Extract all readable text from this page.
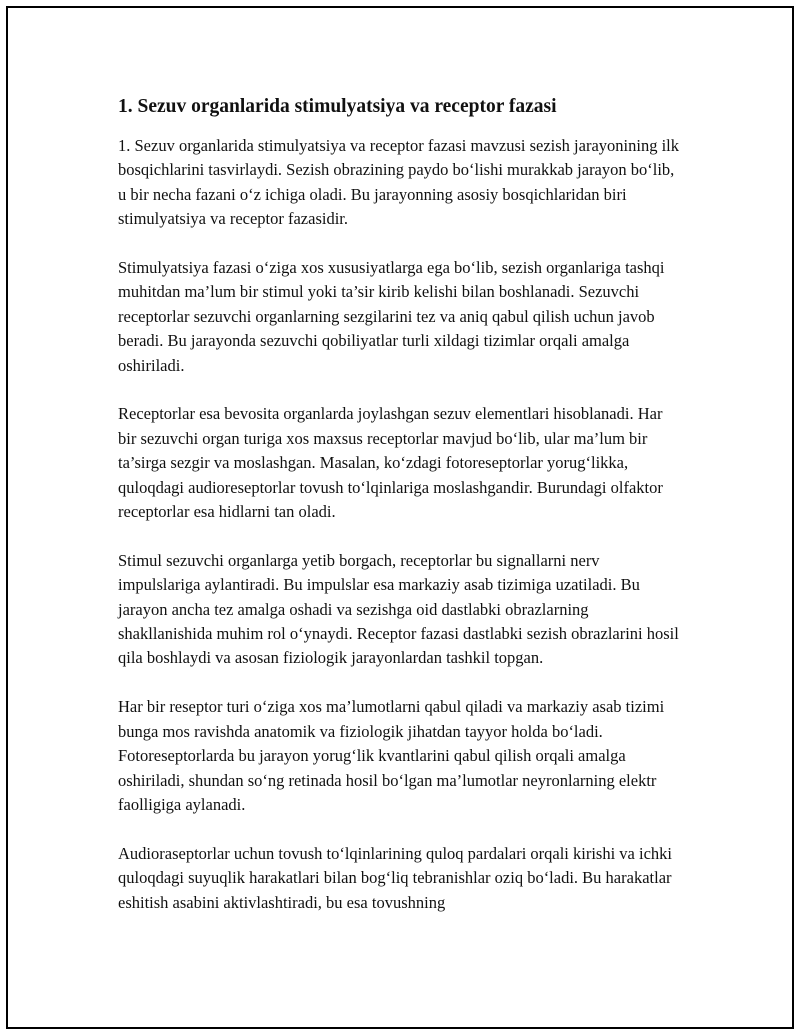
1. Sezuv organlarida stimulyatsiya va receptor fazasi

1. Sezuv organlarida stimulyatsiya va receptor fazasi mavzusi sezish jarayonining ilk bosqichlarini tasvirlaydi. Sezish obrazining paydo bo‘lishi murakkab jarayon bo‘lib, u bir necha fazani o‘z ichiga oladi. Bu jarayonning asosiy bosqichlaridan biri stimulyatsiya va receptor fazasidir.

Stimulyatsiya fazasi o‘ziga xos xususiyatlarga ega bo‘lib, sezish organlariga tashqi muhitdan ma’lum bir stimul yoki ta’sir kirib kelishi bilan boshlanadi. Sezuvchi receptorlar sezuvchi organlarning sezgilarini tez va aniq qabul qilish uchun javob beradi. Bu jarayonda sezuvchi qobiliyatlar turli xildagi tizimlar orqali amalga oshiriladi.

Receptorlar esa bevosita organlarda joylashgan sezuv elementlari hisoblanadi. Har bir sezuvchi organ turiga xos maxsus receptorlar mavjud bo‘lib, ular ma’lum bir ta’sirga sezgir va moslashgan. Masalan, ko‘zdagi fotoreseptorlar yorug‘likka, quloqdagi audioreseptorlar tovush to‘lqinlariga moslashgandir. Burundagi olfaktor receptorlar esa hidlarni tan oladi.

Stimul sezuvchi organlarga yetib borgach, receptorlar bu signallarni nerv impulslariga aylantiradi. Bu impulslar esa markaziy asab tizimiga uzatiladi. Bu jarayon ancha tez amalga oshadi va sezishga oid dastlabki obrazlarning shakllanishida muhim rol o‘ynaydi. Receptor fazasi dastlabki sezish obrazlarini hosil qila boshlaydi va asosan fiziologik jarayonlardan tashkil topgan.

Har bir reseptor turi o‘ziga xos ma’lumotlarni qabul qiladi va markaziy asab tizimi bunga mos ravishda anatomik va fiziologik jihatdan tayyor holda bo‘ladi. Fotoreseptorlarda bu jarayon yorug‘lik kvantlarini qabul qilish orqali amalga oshiriladi, shundan so‘ng retinada hosil bo‘lgan ma’lumotlar neyronlarning elektr faolligiga aylanadi.

Audioraseptorlar uchun tovush to‘lqinlarining quloq pardalari orqali kirishi va ichki quloqdagi suyuqlik harakatlari bilan bog‘liq tebranishlar oziq bo‘ladi. Bu harakatlar eshitish asabini aktivlashtiradi, bu esa tovushning
